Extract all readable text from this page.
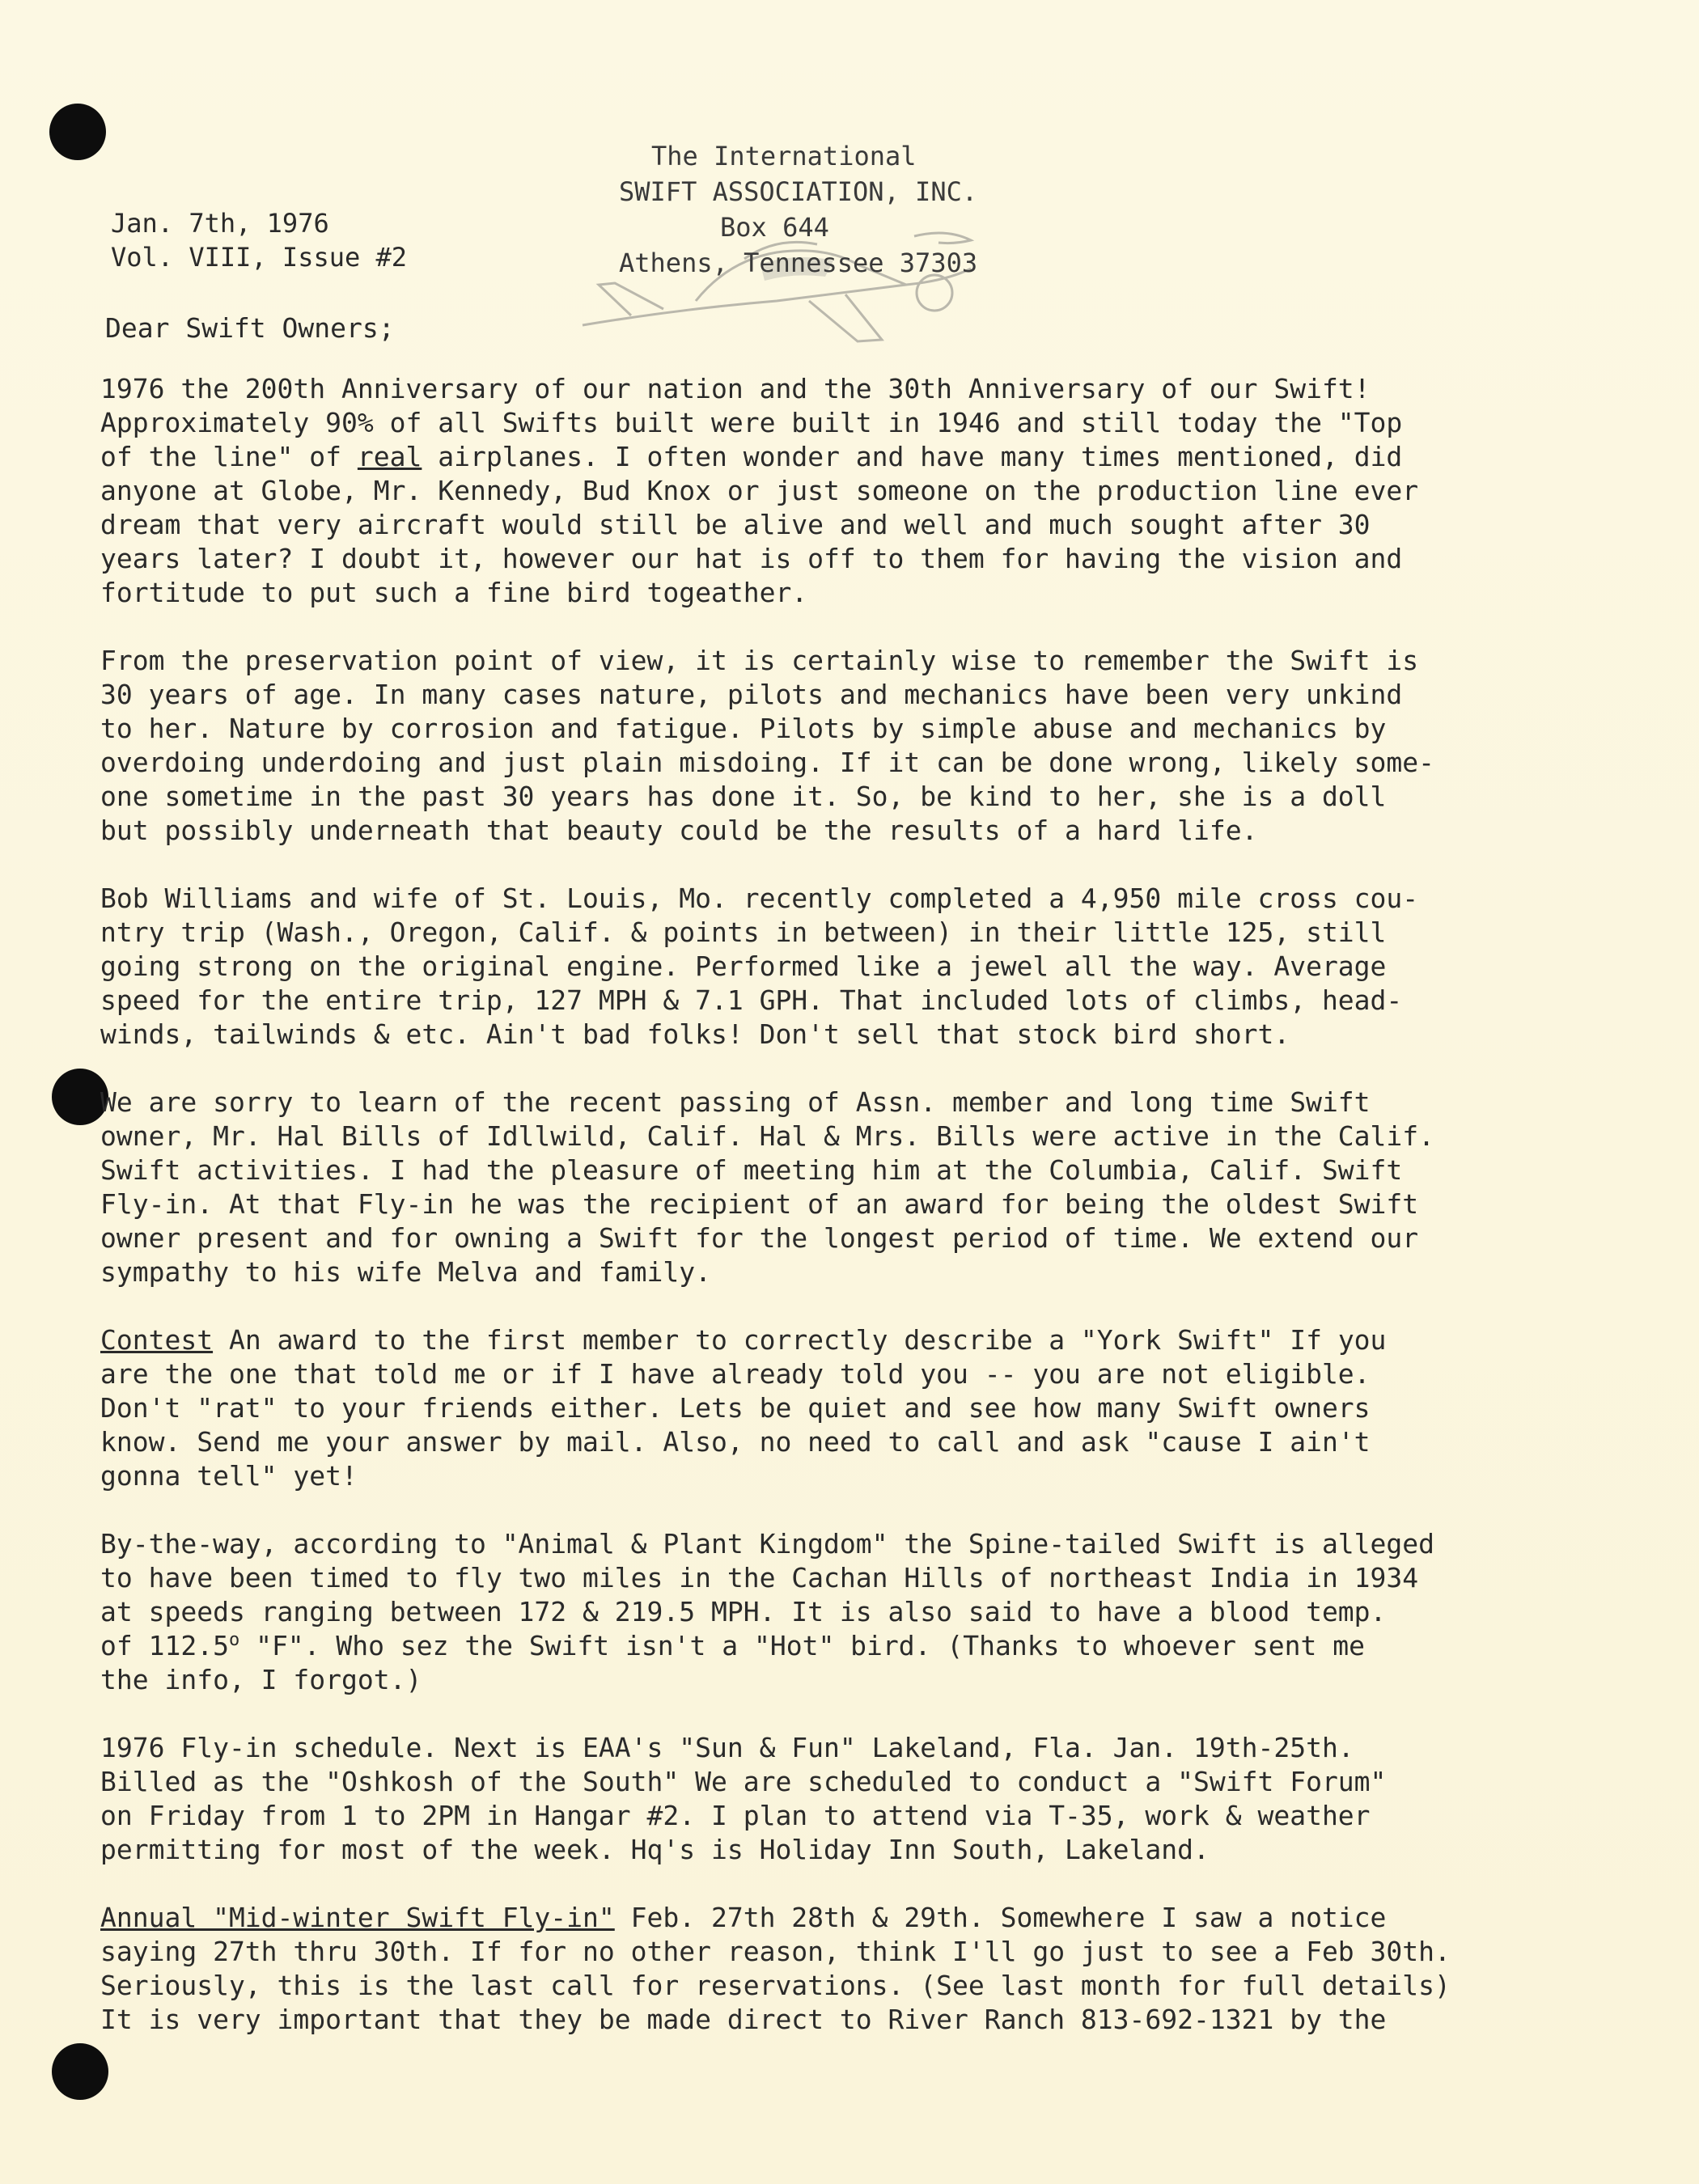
The International
SWIFT ASSOCIATION, INC.
Box 644
Athens, Tennessee 37303
Jan. 7th, 1976
Vol. VIII, Issue #2
Dear Swift Owners;

1976 the 200th Anniversary of our nation and the 30th Anniversary of our Swift!
Approximately 90% of all Swifts built were built in 1946 and still today the "Top
of the line" of real airplanes. I often wonder and have many times mentioned, did
anyone at Globe, Mr. Kennedy, Bud Knox or just someone on the production line ever
dream that very aircraft would still be alive and well and much sought after 30
years later? I doubt it, however our hat is off to them for having the vision and
fortitude to put such a fine bird togeather.

From the preservation point of view, it is certainly wise to remember the Swift is
30 years of age. In many cases nature, pilots and mechanics have been very unkind
to her. Nature by corrosion and fatigue. Pilots by simple abuse and mechanics by
overdoing underdoing and just plain misdoing. If it can be done wrong, likely some-
one sometime in the past 30 years has done it. So, be kind to her, she is a doll
but possibly underneath that beauty could be the results of a hard life.

Bob Williams and wife of St. Louis, Mo. recently completed a 4,950 mile cross cou-
ntry trip (Wash., Oregon, Calif. & points in between) in their little 125, still
going strong on the original engine. Performed like a jewel all the way. Average
speed for the entire trip, 127 MPH & 7.1 GPH. That included lots of climbs, head-
winds, tailwinds & etc. Ain't bad folks! Don't sell that stock bird short.

We are sorry to learn of the recent passing of Assn. member and long time Swift
owner, Mr. Hal Bills of Idllwild, Calif. Hal & Mrs. Bills were active in the Calif.
Swift activities. I had the pleasure of meeting him at the Columbia, Calif. Swift
Fly-in. At that Fly-in he was the recipient of an award for being the oldest Swift
owner present and for owning a Swift for the longest period of time. We extend our
sympathy to his wife Melva and family.

Contest An award to the first member to correctly describe a "York Swift" If you
are the one that told me or if I have already told you -- you are not eligible.
Don't "rat" to your friends either. Lets be quiet and see how many Swift owners
know. Send me your answer by mail. Also, no need to call and ask "cause I ain't
gonna tell" yet!

By-the-way, according to "Animal & Plant Kingdom" the Spine-tailed Swift is alleged
to have been timed to fly two miles in the Cachan Hills of northeast India in 1934
at speeds ranging between 172 & 219.5 MPH. It is also said to have a blood temp.
of 112.5$^o$ "F". Who sez the Swift isn't a "Hot" bird. (Thanks to whoever sent me
the info, I forgot.)

1976 Fly-in schedule. Next is EAA's "Sun & Fun" Lakeland, Fla. Jan. 19th-25th.
Billed as the "Oshkosh of the South" We are scheduled to conduct a "Swift Forum"
on Friday from 1 to 2PM in Hangar #2. I plan to attend via T-35, work & weather
permitting for most of the week. Hq's is Holiday Inn South, Lakeland.

Annual "Mid-winter Swift Fly-in" Feb. 27th 28th & 29th. Somewhere I saw a notice
saying 27th thru 30th. If for no other reason, think I'll go just to see a Feb 30th.
Seriously, this is the last call for reservations. (See last month for full details)
It is very important that they be made direct to River Ranch 813-692-1321 by the
